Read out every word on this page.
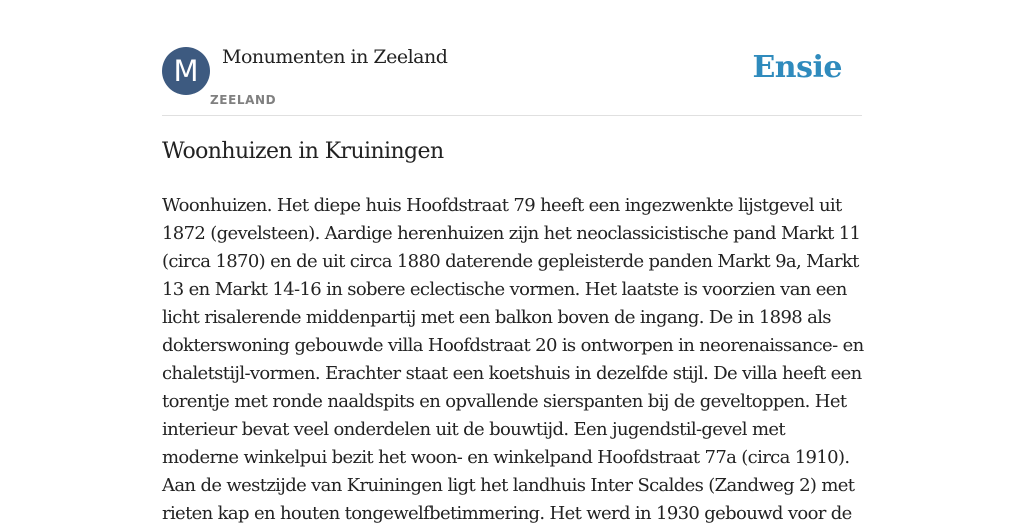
M	Monumenten in Zeeland
ZEELAND
Ensie
Woonhuizen in Kruiningen

Woonhuizen. Het diepe huis Hoofdstraat 79 heeft een ingezwenkte lijstgevel uit 1872 (gevelsteen). Aardige herenhuizen zijn het neoclassicistische pand Markt 11 (circa 1870) en de uit circa 1880 daterende gepleisterde panden Markt 9a, Markt 13 en Markt 14-16 in sobere eclectische vormen. Het laatste is voorzien van een licht risalerende middenpartij met een balkon boven de ingang. De in 1898 als dokterswoning gebouwde villa Hoofdstraat 20 is ontworpen in neorenaissance- en chaletstijl-vormen. Erachter staat een koetshuis in dezelfde stijl. De villa heeft een torentje met ronde naaldspits en opvallende sierspanten bij de geveltoppen. Het interieur bevat veel onderdelen uit de bouwtijd. Een jugendstil-gevel met moderne winkelpui bezit het woon- en winkelpand Hoofdstraat 77a (circa 1910). Aan de westzijde van Kruiningen ligt het landhuis Inter Scaldes (Zandweg 2) met rieten kap en houten tongewelfbetimmering. Het werd in 1930 gebouwd voor de
